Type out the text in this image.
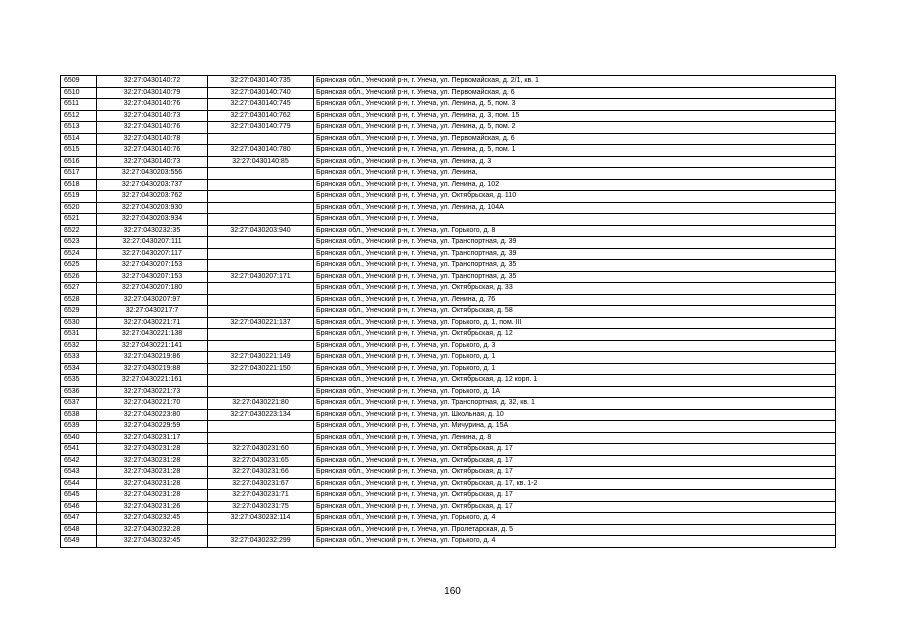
6509	32:27:0430140:72	32:27:0430140:735	Брянская обл., Унечский р-н, г. Унеча, ул. Первомайская, д. 2/1, кв. 1
6510	32:27:0430140:79	32:27:0430140:740	Брянская обл., Унечский р-н, г. Унеча, ул. Первомайская, д. 6
6511	32:27:0430140:76	32:27:0430140:745	Брянская обл., Унечский р-н, г. Унеча, ул. Ленина, д. 5, пом. 3
6512	32:27:0430140:73	32:27:0430140:762	Брянская обл., Унечский р-н, г. Унеча, ул. Ленина, д. 3, пом. 15
6513	32:27:0430140:76	32:27:0430140:779	Брянская обл., Унечский р-н, г. Унеча, ул. Ленина, д. 5, пом. 2
6514	32:27:0430140:78		Брянская обл., Унечский р-н, г. Унеча, ул. Первомайская, д. 6
6515	32:27:0430140:76	32:27:0430140:780	Брянская обл., Унечский р-н, г. Унеча, ул. Ленина, д. 5, пом. 1
6516	32:27:0430140:73	32:27:0430140:85	Брянская обл., Унечский р-н, г. Унеча, ул. Ленина, д. 3
6517	32:27:0430203:556		Брянская обл., Унечский р-н, г. Унеча, ул. Ленина,
6518	32:27:0430203:737		Брянская обл., Унечский р-н, г. Унеча, ул. Ленина, д. 102
6519	32:27:0430203:762		Брянская обл., Унечский р-н, г. Унеча, ул. Октябрьская, д. 110
6520	32:27:0430203:930		Брянская обл., Унечский р-н, г. Унеча, ул. Ленина, д. 104А
6521	32:27:0430203:934		Брянская обл., Унечский р-н, г. Унеча,
6522	32:27:0430232:35	32:27:0430203:940	Брянская обл., Унечский р-н, г. Унеча, ул. Горького, д. 8
6523	32:27:0430207:111		Брянская обл., Унечский р-н, г. Унеча, ул. Транспортная, д. 39
6524	32:27:0430207:117		Брянская обл., Унечский р-н, г. Унеча, ул. Транспортная, д. 39
6525	32:27:0430207:153		Брянская обл., Унечский р-н, г. Унеча, ул. Транспортная, д. 35
6526	32:27:0430207:153	32:27:0430207:171	Брянская обл., Унечский р-н, г. Унеча, ул. Транспортная, д. 35
6527	32:27:0430207:180		Брянская обл., Унечский р-н, г. Унеча, ул. Октябрьская, д. 33
6528	32:27:0430207:97		Брянская обл., Унечский р-н, г. Унеча, ул. Ленина, д. 76
6529	32:27:0430217:7		Брянская обл., Унечский р-н, г. Унеча, ул. Октябрьская, д. 58
6530	32:27:0430221:71	32:27:0430221:137	Брянская обл., Унечский р-н, г. Унеча, ул. Горького, д. 1, пом. III
6531	32:27:0430221:138		Брянская обл., Унечский р-н, г. Унеча, ул. Октябрьская, д. 12
6532	32:27:0430221:141		Брянская обл., Унечский р-н, г. Унеча, ул. Горького, д. 3
6533	32:27:0430219:86	32:27:0430221:149	Брянская обл., Унечский р-н, г. Унеча, ул. Горького, д. 1
6534	32:27:0430219:88	32:27:0430221:150	Брянская обл., Унечский р-н, г. Унеча, ул. Горького, д. 1
6535	32:27:0430221:161		Брянская обл., Унечский р-н, г. Унеча, ул. Октябрьская, д. 12 корп. 1
6536	32:27:0430221:73		Брянская обл., Унечский р-н, г. Унеча, ул. Горького, д. 1А
6537	32:27:0430221:70	32:27:0430221:80	Брянская обл., Унечский р-н, г. Унеча, ул. Транспортная, д. 32, кв. 1
6538	32:27:0430223:80	32:27:0430223:134	Брянская обл., Унечский р-н, г. Унеча, ул. Школьная, д. 10
6539	32:27:0430229:59		Брянская обл., Унечский р-н, г. Унеча, ул. Мичурина, д. 15А
6540	32:27:0430231:17		Брянская обл., Унечский р-н, г. Унеча, ул. Ленина, д. 8
6541	32:27:0430231:28	32:27:0430231:60	Брянская обл., Унечский р-н, г. Унеча, ул. Октябрьская, д. 17
6542	32:27:0430231:28	32:27:0430231:65	Брянская обл., Унечский р-н, г. Унеча, ул. Октябрьская, д. 17
6543	32:27:0430231:28	32:27:0430231:66	Брянская обл., Унечский р-н, г. Унеча, ул. Октябрьская, д. 17
6544	32:27:0430231:28	32:27:0430231:67	Брянская обл., Унечский р-н, г. Унеча, ул. Октябрьская, д. 17, кв. 1-2
6545	32:27:0430231:28	32:27:0430231:71	Брянская обл., Унечский р-н, г. Унеча, ул. Октябрьская, д. 17
6546	32:27:0430231:26	32:27:0430231:75	Брянская обл., Унечский р-н, г. Унеча, ул. Октябрьская, д. 17
6547	32:27:0430232:45	32:27:0430232:114	Брянская обл., Унечский р-н, г. Унеча, ул. Горького, д. 4
6548	32:27:0430232:28		Брянская обл., Унечский р-н, г. Унеча, ул. Пролетарская, д. 5
6549	32:27:0430232:45	32:27:0430232:299	Брянская обл., Унечский р-н, г. Унеча, ул. Горького, д. 4
160
